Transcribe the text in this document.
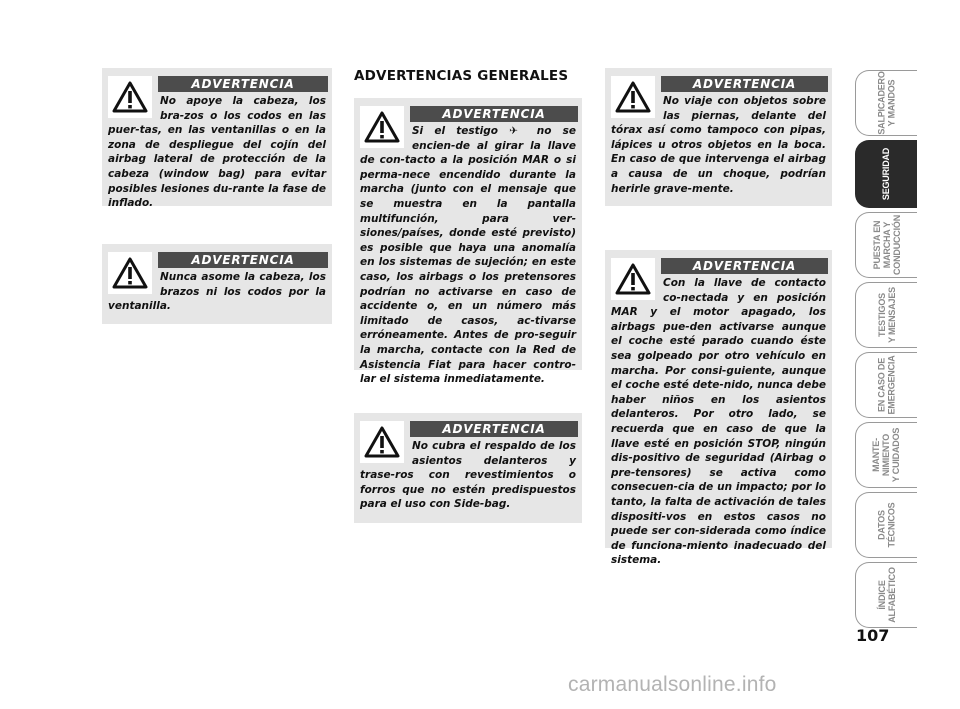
ADVERTENCIAS GENERALES
ADVERTENCIA

No apoye la cabeza, los bra-zos o los codos en las puer-tas, en las ventanillas o en la zona de despliegue del cojín del airbag lateral de protección de la cabeza (window bag) para evitar posibles lesiones du-rante la fase de inflado.

ADVERTENCIA

Nunca asome la cabeza, los brazos ni los codos por la ventanilla.

ADVERTENCIA

Si el testigo ✈ no se encien-de al girar la llave de con-tacto a la posición MAR o si perma-nece encendido durante la marcha (junto con el mensaje que se muestra en la pantalla multifunción, para ver-siones/países, donde esté previsto) es posible que haya una anomalía en los sistemas de sujeción; en este caso, los airbags o los pretensores podrían no activarse en caso de accidente o, en un número más limitado de casos, ac-tivarse erróneamente. Antes de pro-seguir la marcha, contacte con la Red de Asistencia Fiat para hacer contro-lar el sistema inmediatamente.

ADVERTENCIA

No cubra el respaldo de los asientos delanteros y trase-ros con revestimientos o forros que no estén predispuestos para el uso con Side-bag.

ADVERTENCIA

No viaje con objetos sobre las piernas, delante del tórax así como tampoco con pipas, lápices u otros objetos en la boca. En caso de que intervenga el airbag a causa de un choque, podrían herirle grave-mente.

ADVERTENCIA

Con la llave de contacto co-nectada y en posición MAR y el motor apagado, los airbags pue-den activarse aunque el coche esté parado cuando éste sea golpeado por otro vehículo en marcha. Por consi-guiente, aunque el coche esté dete-nido, nunca debe haber niños en los asientos delanteros. Por otro lado, se recuerda que en caso de que la llave esté en posición STOP, ningún dis-positivo de seguridad (Airbag o pre-tensores) se activa como consecuen-cia de un impacto; por lo tanto, la falta de activación de tales dispositi-vos en estos casos no puede ser con-siderada como índice de funciona-miento inadecuado del sistema.

SALPICADERO
Y MANDOS
SEGURIDAD
PUESTA EN
MARCHA Y
CONDUCCIÓN
TESTIGOS
Y MENSAJES
EN CASO DE
EMERGENCIA
MANTE-
NIMIENTO
Y CUIDADOS
DATOS
TÉCNICOS
ÍNDICE
ALFABÉTICO
107
carmanualsonline.info
